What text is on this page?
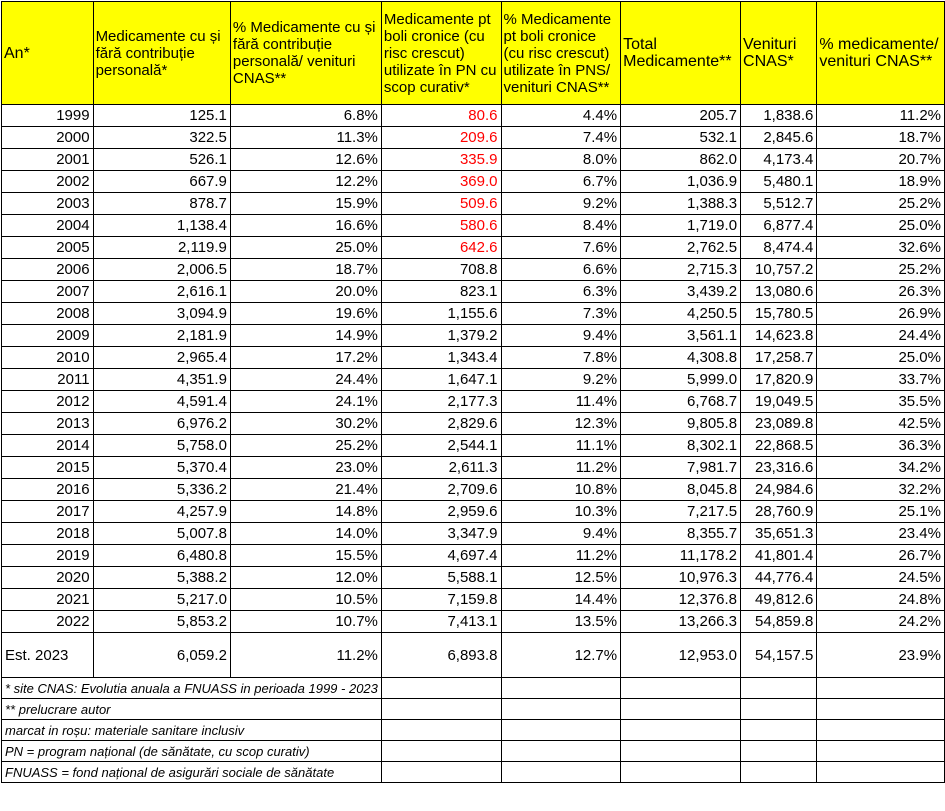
An*	Medicamente cu și fără contribuție personală*	% Medicamente cu și fără contribuție personală/ venituri CNAS**	Medicamente pt boli cronice (cu risc crescut) utilizate în PN cu scop curativ*	% Medicamente pt boli cronice (cu risc crescut) utilizate în PNS/ venituri CNAS**	Total Medicamente**	Venituri CNAS*	% medicamente/ venituri CNAS**
1999	125.1	6.8%	80.6	4.4%	205.7	1,838.6	11.2%
2000	322.5	11.3%	209.6	7.4%	532.1	2,845.6	18.7%
2001	526.1	12.6%	335.9	8.0%	862.0	4,173.4	20.7%
2002	667.9	12.2%	369.0	6.7%	1,036.9	5,480.1	18.9%
2003	878.7	15.9%	509.6	9.2%	1,388.3	5,512.7	25.2%
2004	1,138.4	16.6%	580.6	8.4%	1,719.0	6,877.4	25.0%
2005	2,119.9	25.0%	642.6	7.6%	2,762.5	8,474.4	32.6%
2006	2,006.5	18.7%	708.8	6.6%	2,715.3	10,757.2	25.2%
2007	2,616.1	20.0%	823.1	6.3%	3,439.2	13,080.6	26.3%
2008	3,094.9	19.6%	1,155.6	7.3%	4,250.5	15,780.5	26.9%
2009	2,181.9	14.9%	1,379.2	9.4%	3,561.1	14,623.8	24.4%
2010	2,965.4	17.2%	1,343.4	7.8%	4,308.8	17,258.7	25.0%
2011	4,351.9	24.4%	1,647.1	9.2%	5,999.0	17,820.9	33.7%
2012	4,591.4	24.1%	2,177.3	11.4%	6,768.7	19,049.5	35.5%
2013	6,976.2	30.2%	2,829.6	12.3%	9,805.8	23,089.8	42.5%
2014	5,758.0	25.2%	2,544.1	11.1%	8,302.1	22,868.5	36.3%
2015	5,370.4	23.0%	2,611.3	11.2%	7,981.7	23,316.6	34.2%
2016	5,336.2	21.4%	2,709.6	10.8%	8,045.8	24,984.6	32.2%
2017	4,257.9	14.8%	2,959.6	10.3%	7,217.5	28,760.9	25.1%
2018	5,007.8	14.0%	3,347.9	9.4%	8,355.7	35,651.3	23.4%
2019	6,480.8	15.5%	4,697.4	11.2%	11,178.2	41,801.4	26.7%
2020	5,388.2	12.0%	5,588.1	12.5%	10,976.3	44,776.4	24.5%
2021	5,217.0	10.5%	7,159.8	14.4%	12,376.8	49,812.6	24.8%
2022	5,853.2	10.7%	7,413.1	13.5%	13,266.3	54,859.8	24.2%
Est. 2023	6,059.2	11.2%	6,893.8	12.7%	12,953.0	54,157.5	23.9%
* site CNAS: Evolutia anuala a FNUASS in perioada 1999 - 2023							
** prelucrare autor							
marcat in roșu: materiale sanitare inclusiv							
PN = program național (de sănătate, cu scop curativ)							
FNUASS = fond național de asigurări sociale de sănătate							
